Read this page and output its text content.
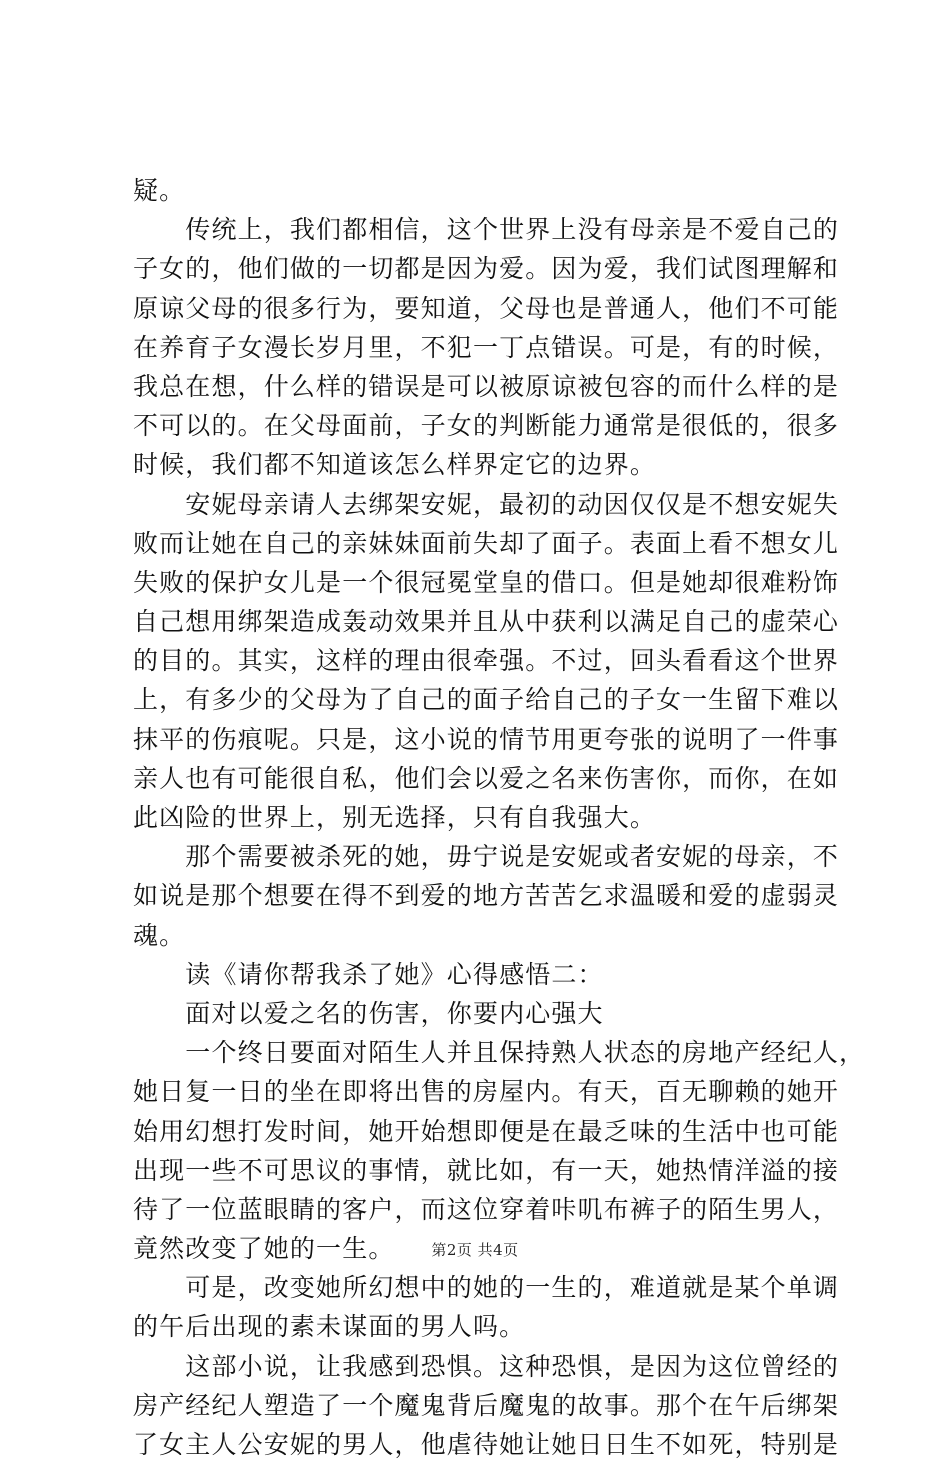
疑。
　　传统上，我们都相信，这个世界上没有母亲是不爱自己的
子女的，他们做的一切都是因为爱。因为爱，我们试图理解和
原谅父母的很多行为，要知道，父母也是普通人，他们不可能
在养育子女漫长岁月里，不犯一丁点错误。可是，有的时候，
我总在想，什么样的错误是可以被原谅被包容的而什么样的是
不可以的。在父母面前，子女的判断能力通常是很低的，很多
时候，我们都不知道该怎么样界定它的边界。
　　安妮母亲请人去绑架安妮，最初的动因仅仅是不想安妮失
败而让她在自己的亲妹妹面前失却了面子。表面上看不想女儿
失败的保护女儿是一个很冠冕堂皇的借口。但是她却很难粉饰
自己想用绑架造成轰动效果并且从中获利以满足自己的虚荣心
的目的。其实，这样的理由很牵强。不过，回头看看这个世界
上，有多少的父母为了自己的面子给自己的子女一生留下难以
抹平的伤痕呢。只是，这小说的情节用更夸张的说明了一件事
亲人也有可能很自私，他们会以爱之名来伤害你，而你，在如
此凶险的世界上，别无选择，只有自我强大。
　　那个需要被杀死的她，毋宁说是安妮或者安妮的母亲，不
如说是那个想要在得不到爱的地方苦苦乞求温暖和爱的虚弱灵
魂。
　　读《请你帮我杀了她》心得感悟二：
　　面对以爱之名的伤害，你要内心强大
　　一个终日要面对陌生人并且保持熟人状态的房地产经纪人，
她日复一日的坐在即将出售的房屋内。有天，百无聊赖的她开
始用幻想打发时间，她开始想即便是在最乏味的生活中也可能
出现一些不可思议的事情，就比如，有一天，她热情洋溢的接
待了一位蓝眼睛的客户，而这位穿着咔叽布裤子的陌生男人，
竟然改变了她的一生。
　　可是，改变她所幻想中的她的一生的，难道就是某个单调
的午后出现的素未谋面的男人吗。
　　这部小说，让我感到恐惧。这种恐惧，是因为这位曾经的
房产经纪人塑造了一个魔鬼背后魔鬼的故事。那个在午后绑架
了女主人公安妮的男人，他虐待她让她日日生不如死，特别是
第2页 共4页
